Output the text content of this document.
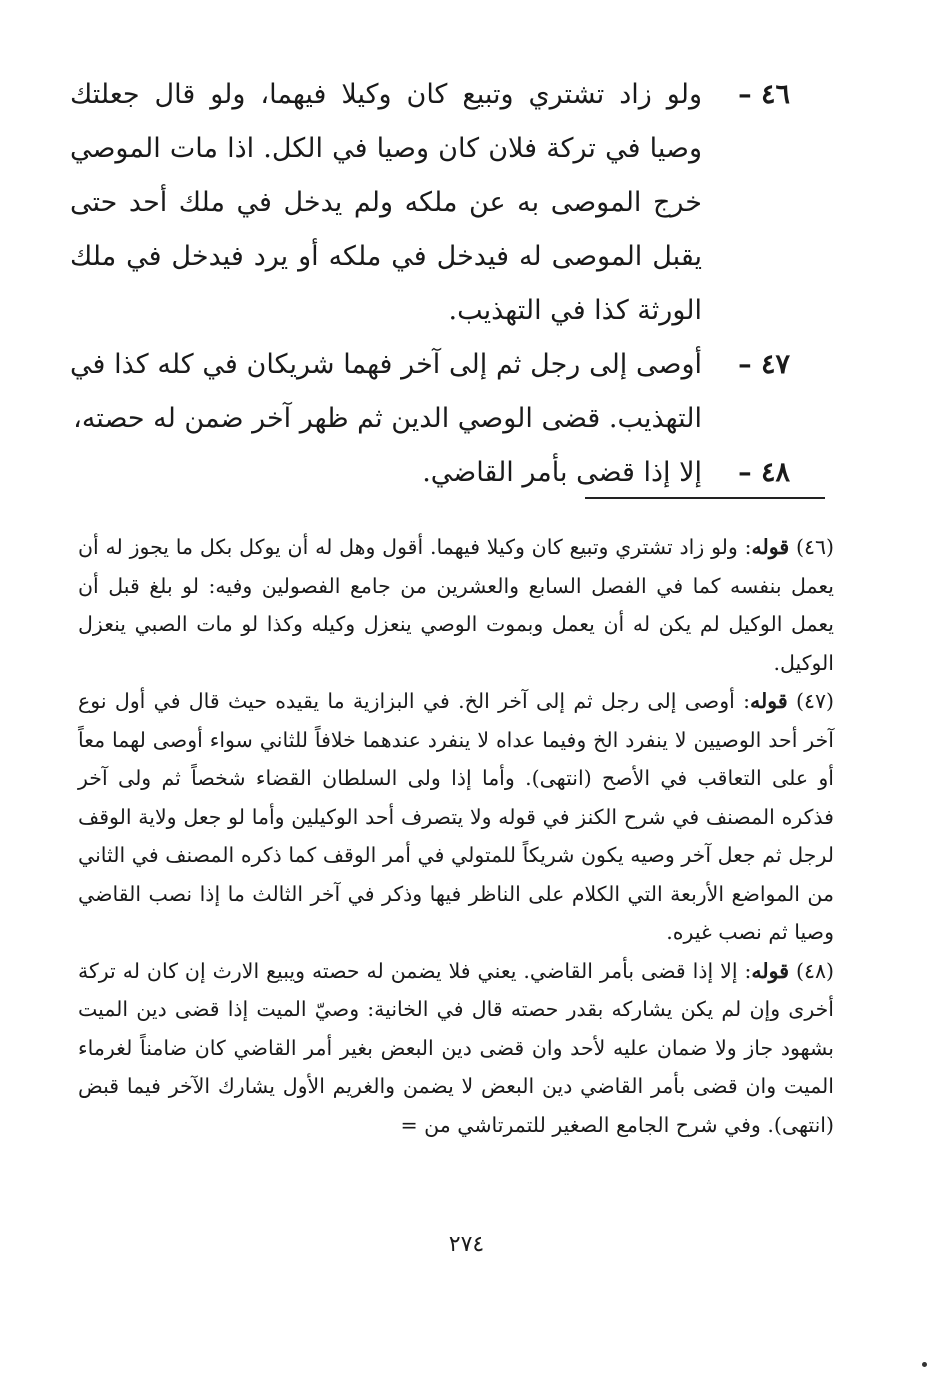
٤٦ –
ولو زاد تشتري وتبيع كان وكيلا فيهما، ولو قال جعلتك وصيا في تركة فلان كان وصيا في الكل. اذا مات الموصي خرج الموصى به عن ملكه ولم يدخل في ملك أحد حتى يقبل الموصى له فيدخل في ملكه أو يرد فيدخل في ملك الورثة كذا في التهذيب.
٤٧ –
أوصى إلى رجل ثم إلى آخر فهما شريكان في كله كذا في التهذيب. قضى الوصي الدين ثم ظهر آخر ضمن له حصته،
٤٨ –
إلا إذا قضى بأمر القاضي.

(٤٦) قوله: ولو زاد تشتري وتبيع كان وكيلا فيهما. أقول وهل له أن يوكل بكل ما يجوز له أن يعمل بنفسه كما في الفصل السابع والعشرين من جامع الفصولين وفيه: لو بلغ قبل أن يعمل الوكيل لم يكن له أن يعمل وبموت الوصي ينعزل وكيله وكذا لو مات الصبي ينعزل الوكيل.

(٤٧) قوله: أوصى إلى رجل ثم إلى آخر الخ. في البزازية ما يقيده حيث قال في أول نوع آخر أحد الوصيين لا ينفرد الخ وفيما عداه لا ينفرد عندهما خلافاً للثاني سواء أوصى لهما معاً أو على التعاقب في الأصح (انتهى). وأما إذا ولى السلطان القضاء شخصاً ثم ولى آخر فذكره المصنف في شرح الكنز في قوله ولا يتصرف أحد الوكيلين وأما لو جعل ولاية الوقف لرجل ثم جعل آخر وصيه يكون شريكاً للمتولي في أمر الوقف كما ذكره المصنف في الثاني من المواضع الأربعة التي الكلام على الناظر فيها وذكر في آخر الثالث ما إذا نصب القاضي وصيا ثم نصب غيره.

(٤٨) قوله: إلا إذا قضى بأمر القاضي. يعني فلا يضمن له حصته ويبيع الارث إن كان له تركة أخرى وإن لم يكن يشاركه بقدر حصته قال في الخانية: وصيّ الميت إذا قضى دين الميت بشهود جاز ولا ضمان عليه لأحد وان قضى دين البعض بغير أمر القاضي كان ضامناً لغرماء الميت وان قضى بأمر القاضي دين البعض لا يضمن والغريم الأول يشارك الآخر فيما قبض (انتهى). وفي شرح الجامع الصغير للتمرتاشي من =

٢٧٤
